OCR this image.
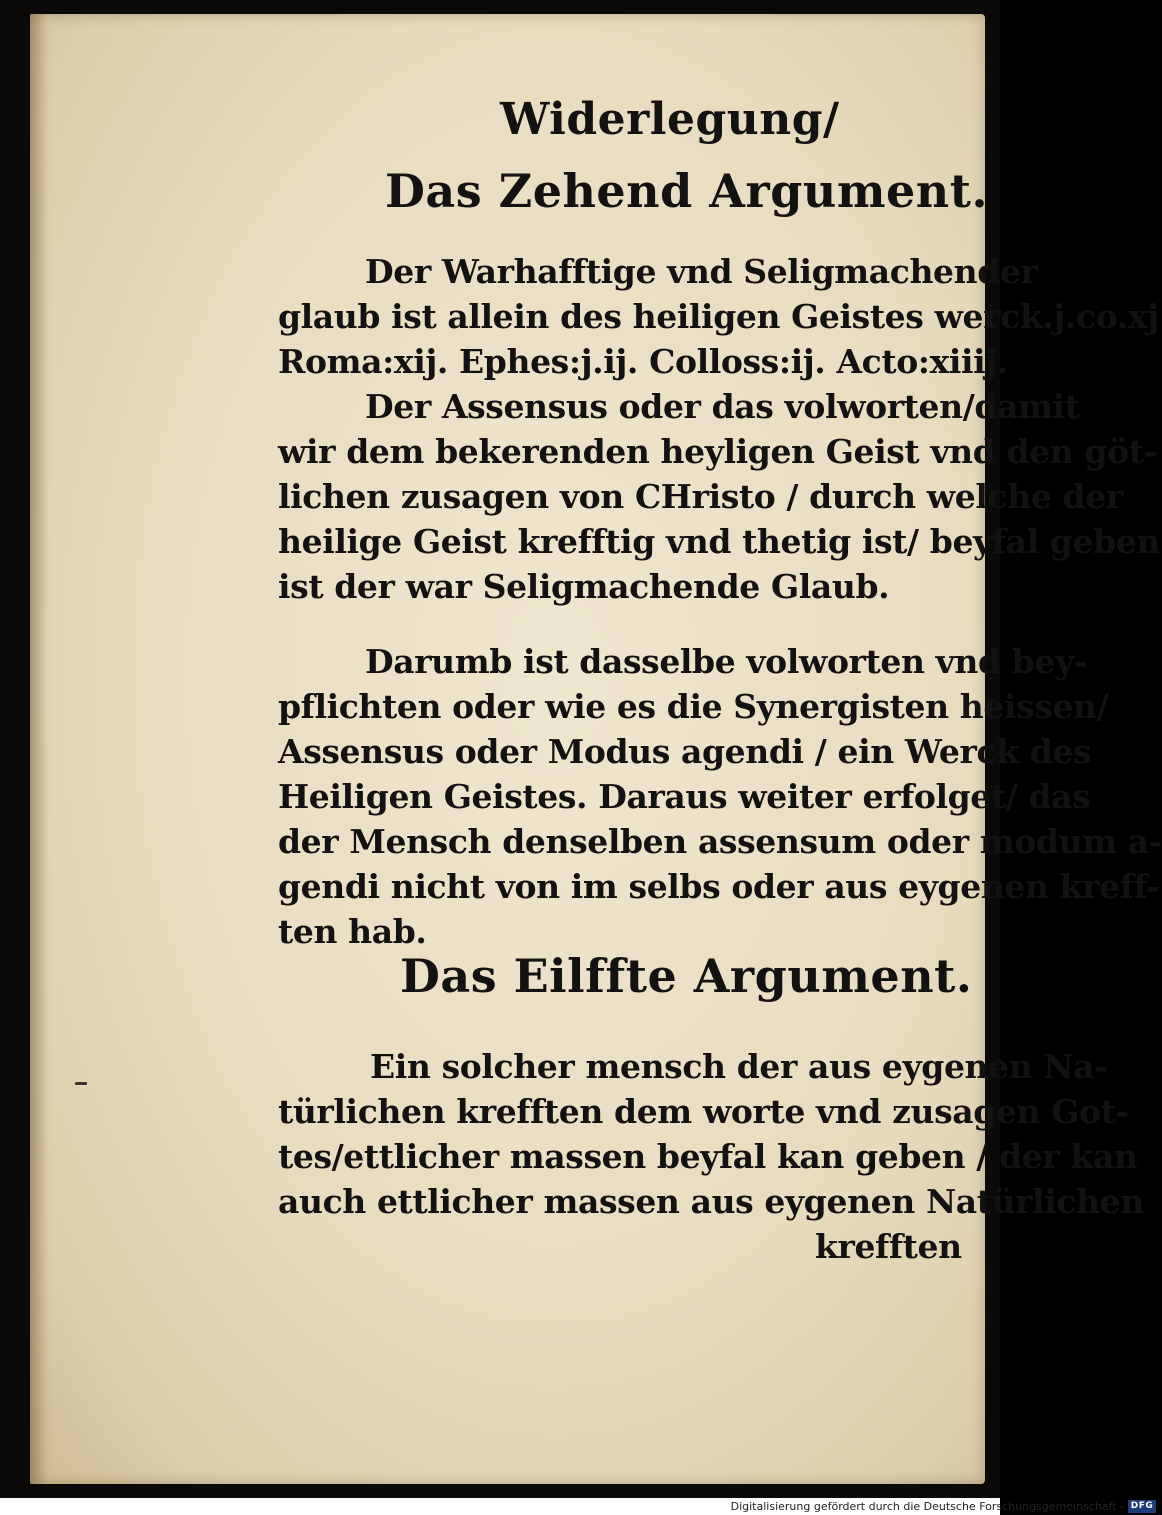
Widerlegung/
Das Zehend Argument.
Der Warhafftige vnd Seligmachender
glaub ist allein des heiligen Geistes werck.j.co.xj
Roma:xij. Ephes:j.ij. Colloss:ij. Acto:xiiij.
Der Assensus oder das volworten/damit
wir dem bekerenden heyligen Geist vnd den göt-
lichen zusagen von CHristo / durch welche der
heilige Geist krefftig vnd thetig ist/ beyfal geben
ist der war Seligmachende Glaub.
Darumb ist dasselbe volworten vnd bey-
pflichten oder wie es die Synergisten heissen/
Assensus oder Modus agendi / ein Werck des
Heiligen Geistes. Daraus weiter erfolget/ das
der Mensch denselben assensum oder modum a-
gendi nicht von im selbs oder aus eygenen kreff-
ten hab.
Das Eilffte Argument.
Ein solcher mensch der aus eygenen Na-
türlichen krefften dem worte vnd zusagen Got-
tes/ettlicher massen beyfal kan geben / der kan
auch ettlicher massen aus eygenen Natürlichen
krefften
Digitalisierung gefördert durch die Deutsche Forschungsgemeinschaft - DFG
